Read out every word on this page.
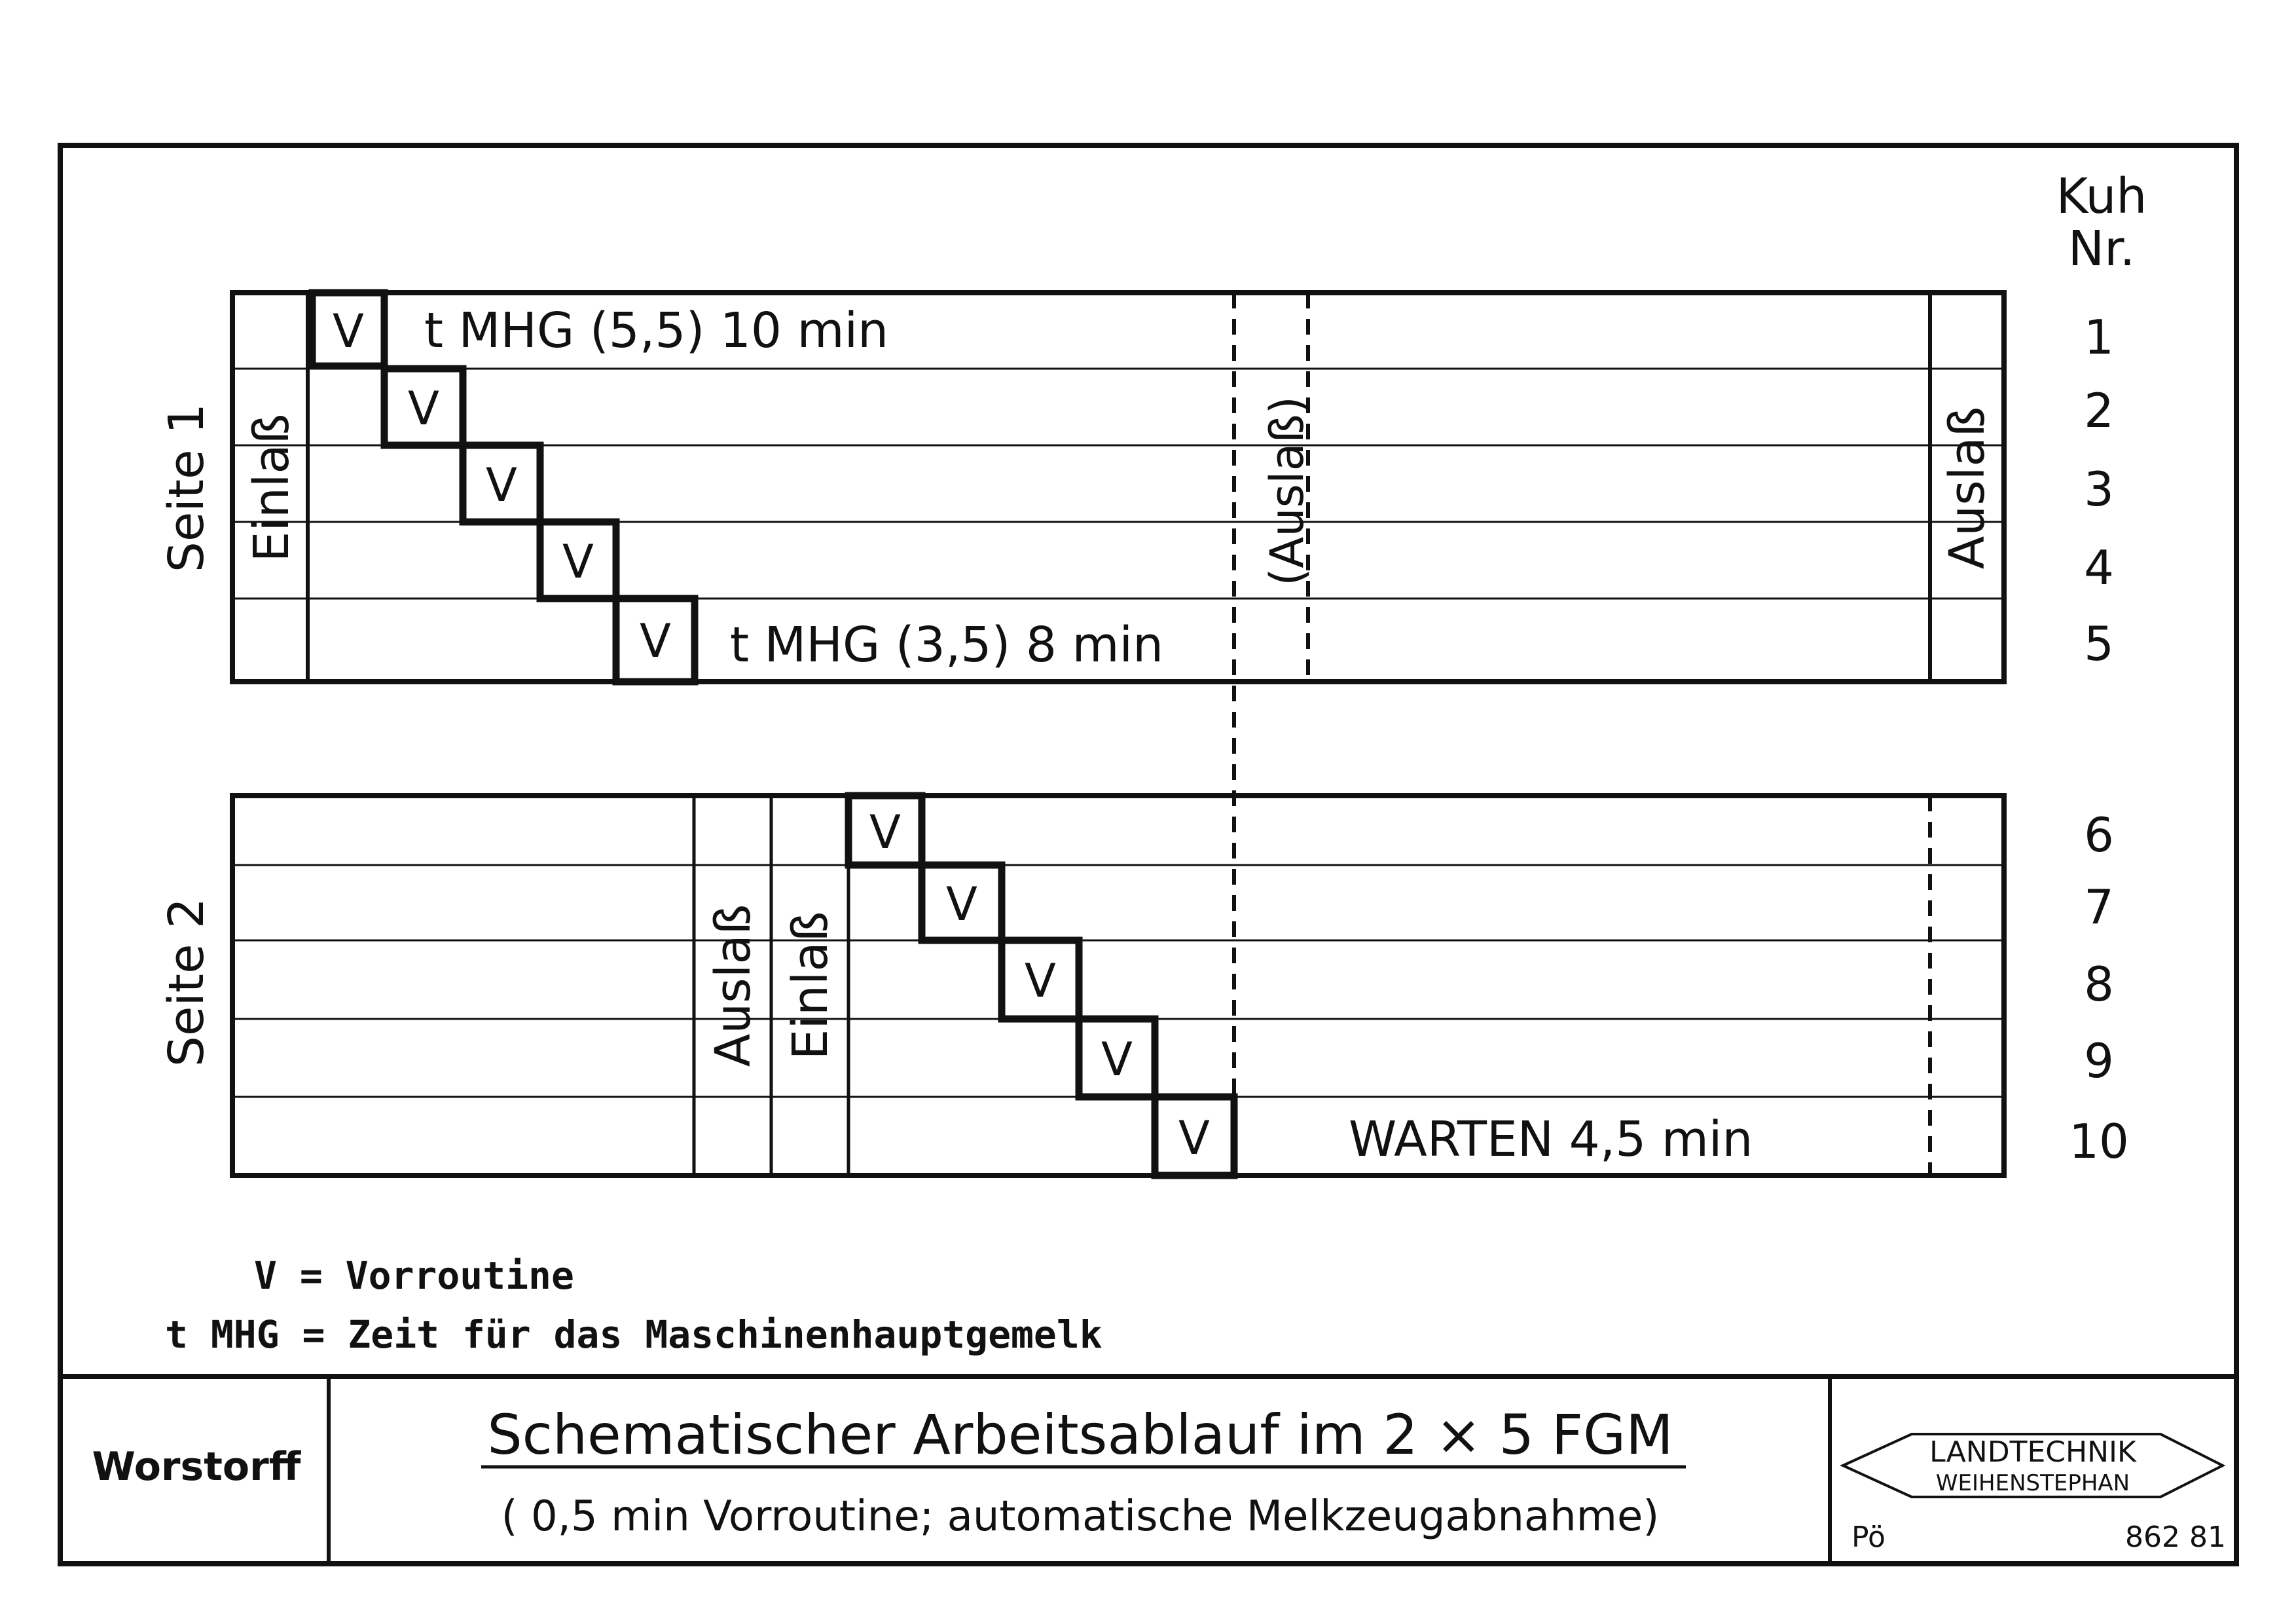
Kuh
Nr.
V
V
V
V
V
Seite 1 Einlaß	(Auslaß)	Auslaß
t MHG (5,5) 10 min
t MHG (3,5) 8 min
V
V
V
V
V
Seite 2	Auslaß Einlaß
WARTEN 4,5 min
1
2
3
4
5
6
7
8
9
10
V = Vorroutine
t MHG = Zeit für das Maschinenhauptgemelk
Worstorff	Schematischer Arbeitsablauf im 2 × 5 FGM
( 0,5 min Vorroutine; automatische Melkzeugabnahme)
LANDTECHNIK
WEIHENSTEPHAN
Pö	862 81
